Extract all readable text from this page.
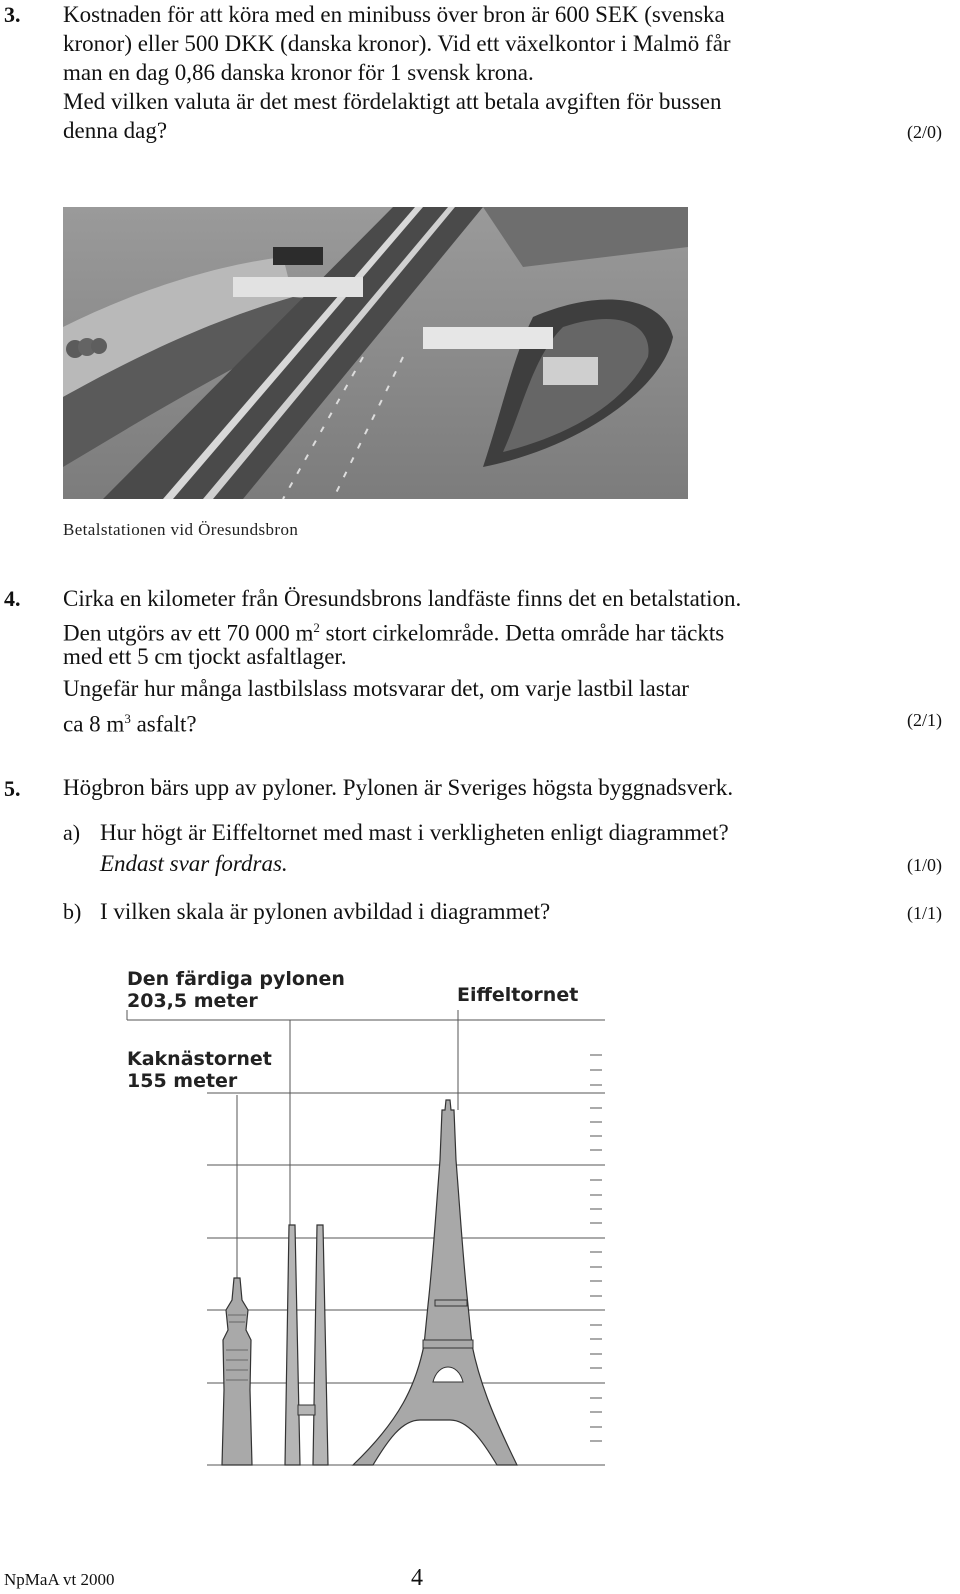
3. Kostnaden för att köra med en minibuss över bron är 600 SEK (svenska
kronor) eller 500 DKK (danska kronor). Vid ett växelkontor i Malmö får
man en dag 0,86 danska kronor för 1 svensk krona.
Med vilken valuta är det mest fördelaktigt att betala avgiften för bussen
denna dag?	(2/0)
Betalstationen vid Öresundsbron
4. Cirka en kilometer från Öresundsbrons landfäste finns det en betalstation.
Den utgörs av ett 70 000 $m^2$ stort cirkelområde. Detta område har täckts
med ett 5 cm tjockt asfaltlager.
Ungefär hur många lastbilslass motsvarar det, om varje lastbil lastar
ca 8 $m^3$ asfalt?	(2/1)
5. Högbron bärs upp av pyloner. Pylonen är Sveriges högsta byggnadsverk.
a) Hur högt är Eiffeltornet med mast i verkligheten enligt diagrammet?
Endast svar fordras.	(1/0)
b) I vilken skala är pylonen avbildad i diagrammet?	(1/1)
Den färdiga pylonen
203,5 meter
Kaknästornet
155 meter
Eiffeltornet
NpMaA vt 2000	4
